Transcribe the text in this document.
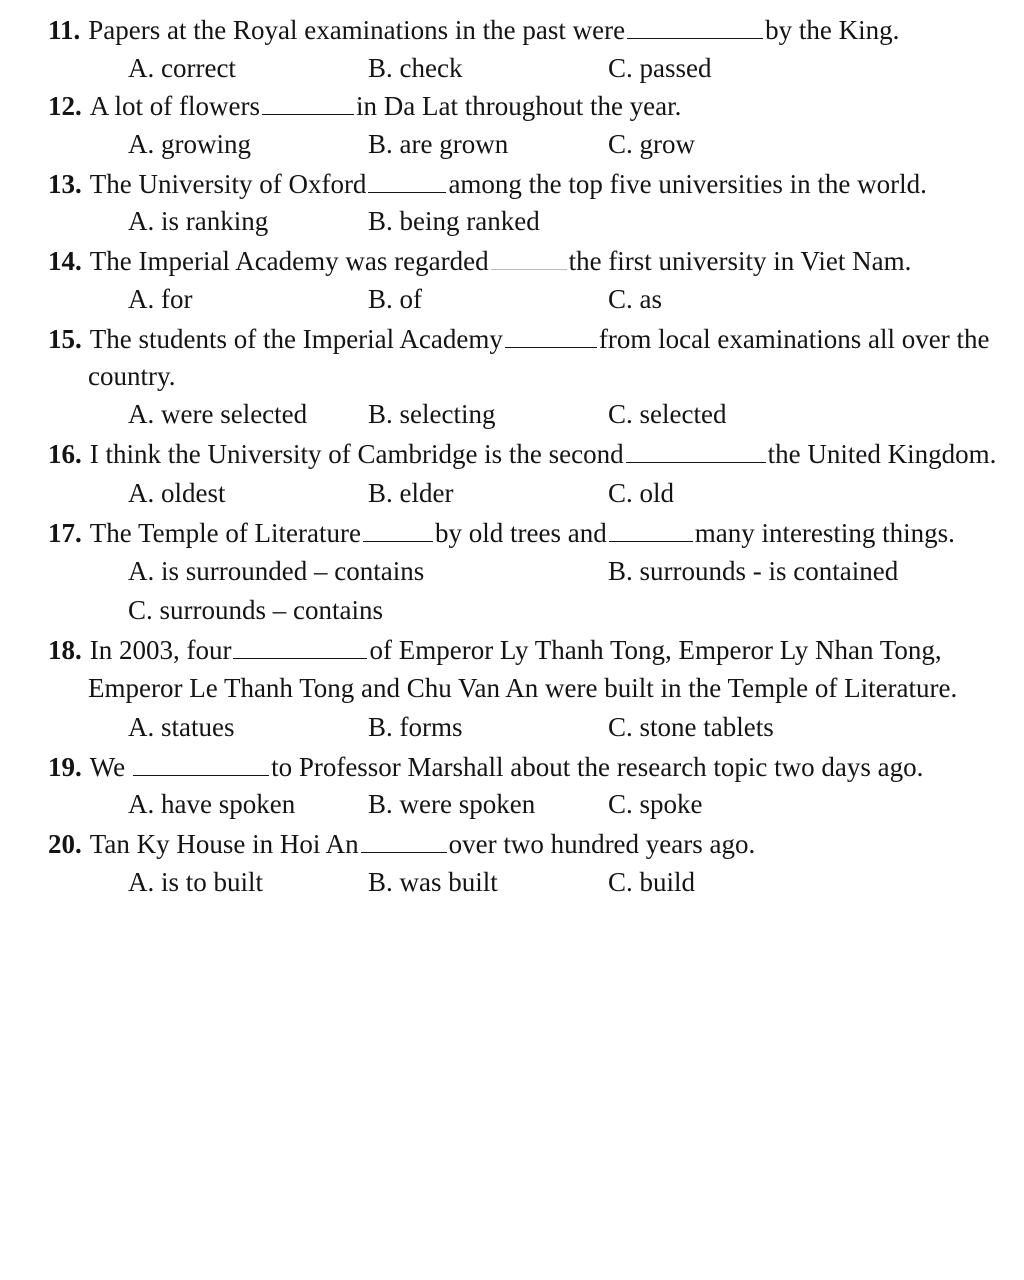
11. Papers at the Royal examinations in the past were	by the King.
A. correct	B. check	C. passed
12. A lot of flowers	in Da Lat throughout the year.
A. growing	B. are grown	C. grow
13. The University of Oxford	among the top five universities in the world.
A. is ranking	B. being ranked
14. The Imperial Academy was regarded	the first university in Viet Nam.
A. for	B. of	C. as
15. The students of the Imperial Academy	from local examinations all over the
country.
A. were selected B. selecting	C. selected
16. I think the University of Cambridge is the second	the United Kingdom.
A. oldest	B. elder	C. old
17. The Temple of Literature	by old trees and	many interesting things.
A. is surrounded – contains	B. surrounds - is contained
C. surrounds – contains
18. In 2003, four	of Emperor Ly Thanh Tong, Emperor Ly Nhan Tong,
Emperor Le Thanh Tong and Chu Van An were built in the Temple of Literature.
A. statues	B. forms	C. stone tablets
19. We	to Professor Marshall about the research topic two days ago.
A. have spoken	B. were spoken	C. spoke
20. Tan Ky House in Hoi An	over two hundred years ago.
A. is to built	B. was built	C. build
